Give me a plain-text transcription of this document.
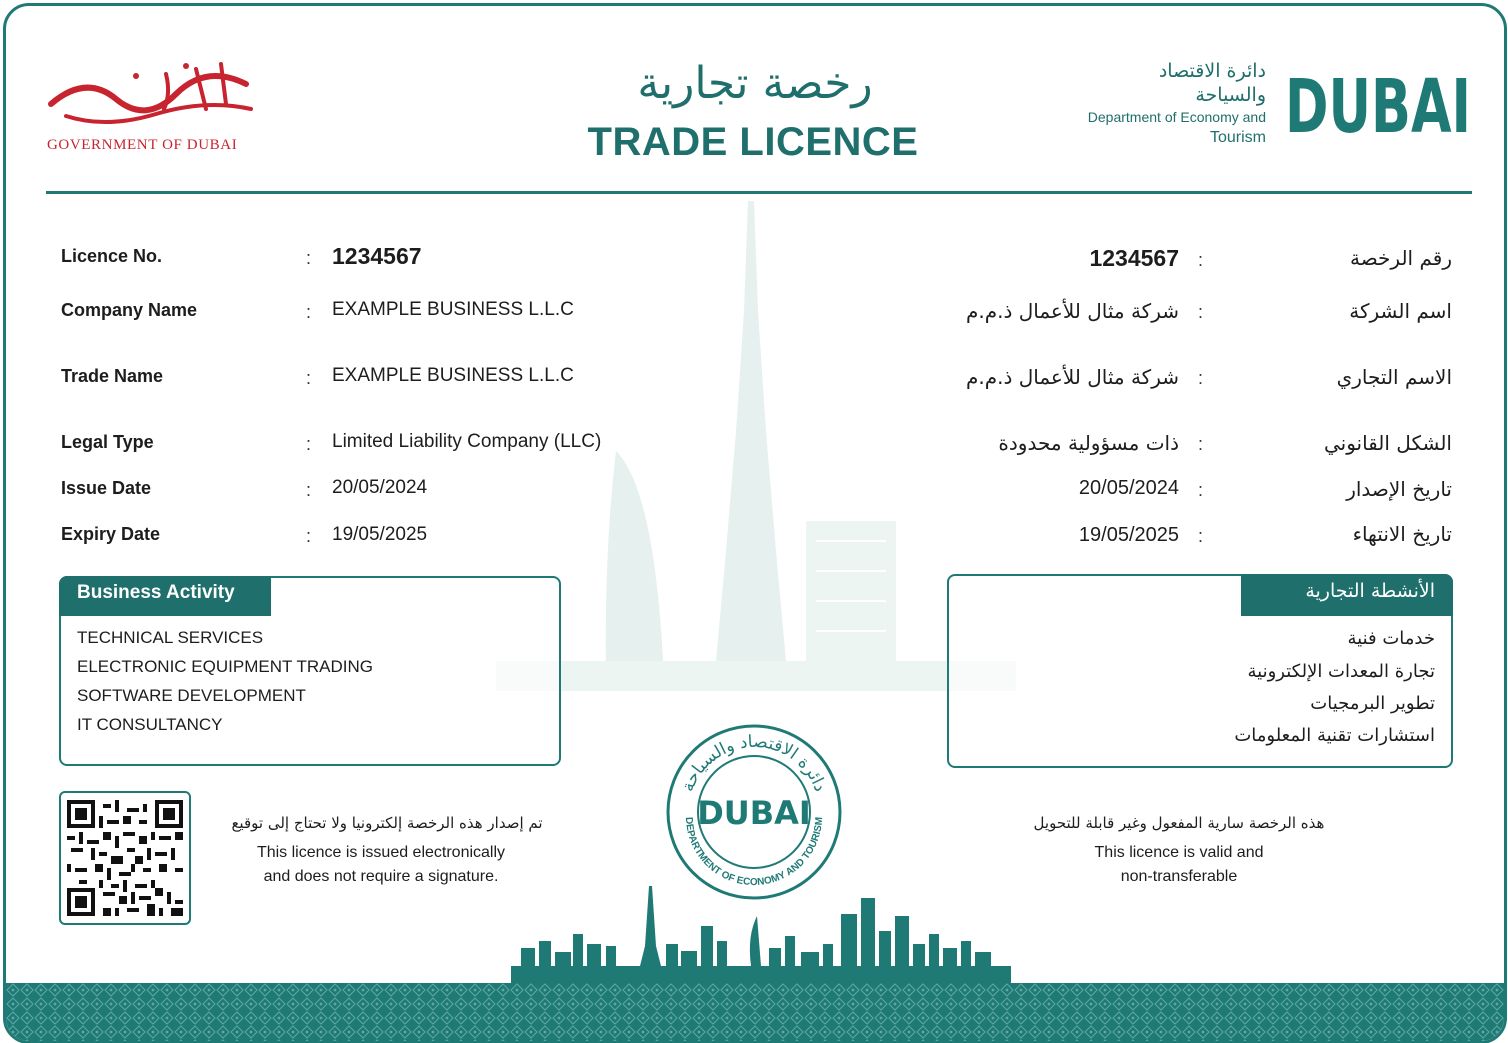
GOVERNMENT OF DUBAI
رخصة تجارية
TRADE LICENCE
دائرة الاقتصاد
والسياحة
Department of Economy and
Tourism DUBAI
Licence No.	: 1234567	1234567 :	رقم الرخصة
Company Name	: EXAMPLE BUSINESS L.L.C	شركة مثال للأعمال ذ.م.م :	اسم الشركة
Trade Name	: EXAMPLE BUSINESS L.L.C	شركة مثال للأعمال ذ.م.م :	الاسم التجاري
Legal Type	: Limited Liability Company (LLC)	ذات مسؤولية محدودة :	الشكل القانوني
Issue Date	: 20/05/2024	20/05/2024 :	تاريخ الإصدار
Expiry Date	: 19/05/2025	19/05/2025 :	تاريخ الانتهاء
Business Activity
TECHNICAL SERVICES
ELECTRONIC EQUIPMENT TRADING
SOFTWARE DEVELOPMENT
IT CONSULTANCY
الأنشطة التجارية
خدمات فنية
تجارة المعدات الإلكترونية
تطوير البرمجيات
استشارات تقنية المعلومات
تم إصدار هذه الرخصة إلكترونيا ولا تحتاج إلى توقيع
This licence is issued electronically
and does not require a signature.
هذه الرخصة سارية المفعول وغير قابلة للتحويل
This licence is valid and
non-transferable
دائرة الاقتصاد والسياحة
DEPARTMENT OF ECONOMY AND TOURISM
DUBAI
